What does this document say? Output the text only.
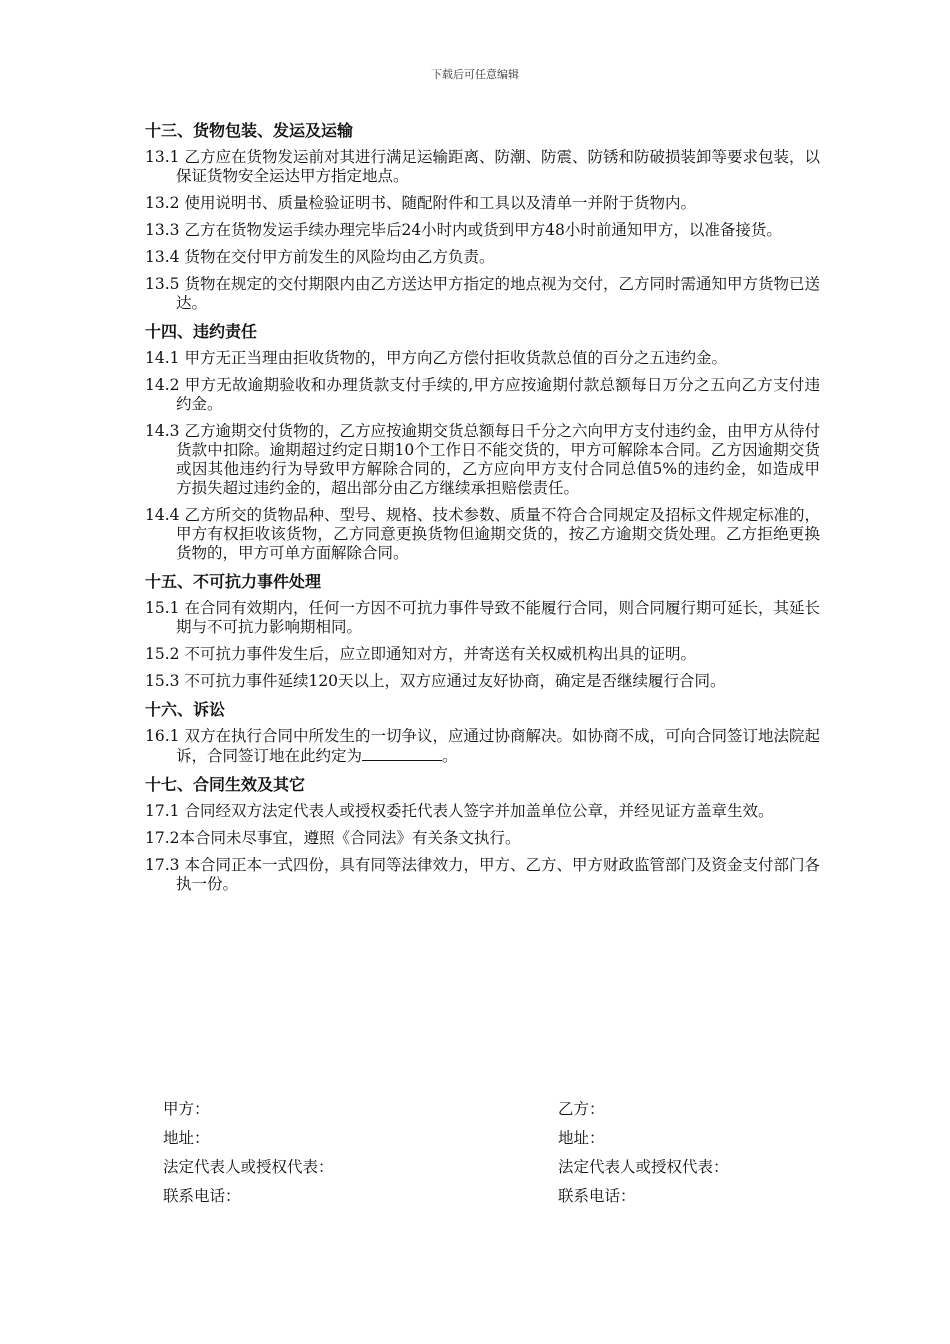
下载后可任意编辑
十三、货物包装、发运及运输
13.1 乙方应在货物发运前对其进行满足运输距离、防潮、防震、防锈和防破损装卸等要求包装，以保证货物安全运达甲方指定地点。
13.2 使用说明书、质量检验证明书、随配附件和工具以及清单一并附于货物内。
13.3 乙方在货物发运手续办理完毕后24小时内或货到甲方48小时前通知甲方，以准备接货。
13.4 货物在交付甲方前发生的风险均由乙方负责。
13.5 货物在规定的交付期限内由乙方送达甲方指定的地点视为交付，乙方同时需通知甲方货物已送达。
十四、违约责任
14.1 甲方无正当理由拒收货物的，甲方向乙方偿付拒收货款总值的百分之五违约金。
14.2 甲方无故逾期验收和办理货款支付手续的,甲方应按逾期付款总额每日万分之五向乙方支付违约金。
14.3 乙方逾期交付货物的，乙方应按逾期交货总额每日千分之六向甲方支付违约金，由甲方从待付货款中扣除。逾期超过约定日期10个工作日不能交货的，甲方可解除本合同。乙方因逾期交货或因其他违约行为导致甲方解除合同的，乙方应向甲方支付合同总值5%的违约金，如造成甲方损失超过违约金的，超出部分由乙方继续承担赔偿责任。
14.4 乙方所交的货物品种、型号、规格、技术参数、质量不符合合同规定及招标文件规定标准的，甲方有权拒收该货物，乙方同意更换货物但逾期交货的，按乙方逾期交货处理。乙方拒绝更换货物的，甲方可单方面解除合同。
十五、不可抗力事件处理
15.1 在合同有效期内，任何一方因不可抗力事件导致不能履行合同，则合同履行期可延长，其延长期与不可抗力影响期相同。
15.2 不可抗力事件发生后，应立即通知对方，并寄送有关权威机构出具的证明。
15.3 不可抗力事件延续120天以上，双方应通过友好协商，确定是否继续履行合同。
十六、诉讼
16.1 双方在执行合同中所发生的一切争议，应通过协商解决。如协商不成，可向合同签订地法院起诉，合同签订地在此约定为	。
十七、合同生效及其它
17.1 合同经双方法定代表人或授权委托代表人签字并加盖单位公章，并经见证方盖章生效。
17.2本合同未尽事宜，遵照《合同法》有关条文执行。
17.3 本合同正本一式四份，具有同等法律效力，甲方、乙方、甲方财政监管部门及资金支付部门各执一份。
甲方：
地址：
法定代表人或授权代表：
联系电话：
乙方：
地址：
法定代表人或授权代表：
联系电话：
